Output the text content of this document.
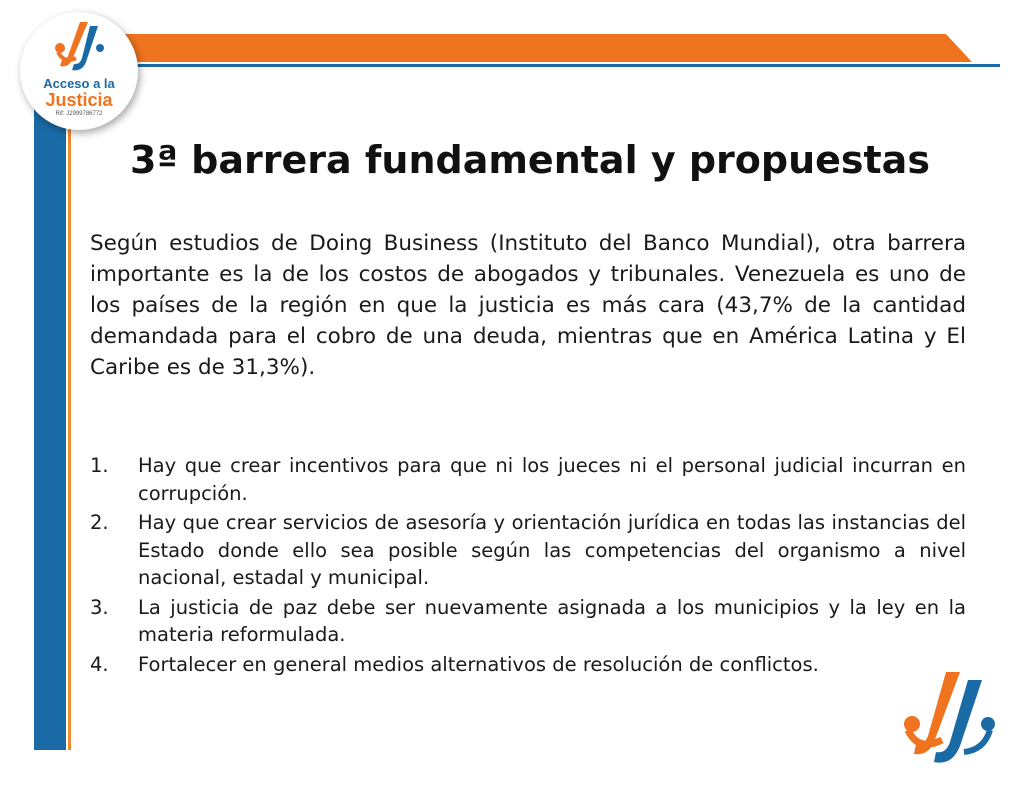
Acceso a la
Justicia
Rif: J2999786772
3ª barrera fundamental y propuestas
Según estudios de Doing Business (Instituto del Banco Mundial), otra barrera importante es la de los costos de abogados y tribunales. Venezuela es uno de los países de la región en que la justicia es más cara (43,7% de la cantidad demandada para el cobro de una deuda, mientras que en América Latina y El Caribe es de 31,3%).
1.	Hay que crear incentivos para que ni los jueces ni el personal judicial incurran en corrupción.
2.	Hay que crear servicios de asesoría y orientación jurídica en todas las instancias del Estado donde ello sea posible según las competencias del organismo a nivel nacional, estadal y municipal.
3.	La justicia de paz debe ser nuevamente asignada a los municipios y la ley en la materia reformulada.
4.	Fortalecer en general medios alternativos de resolución de conflictos.
